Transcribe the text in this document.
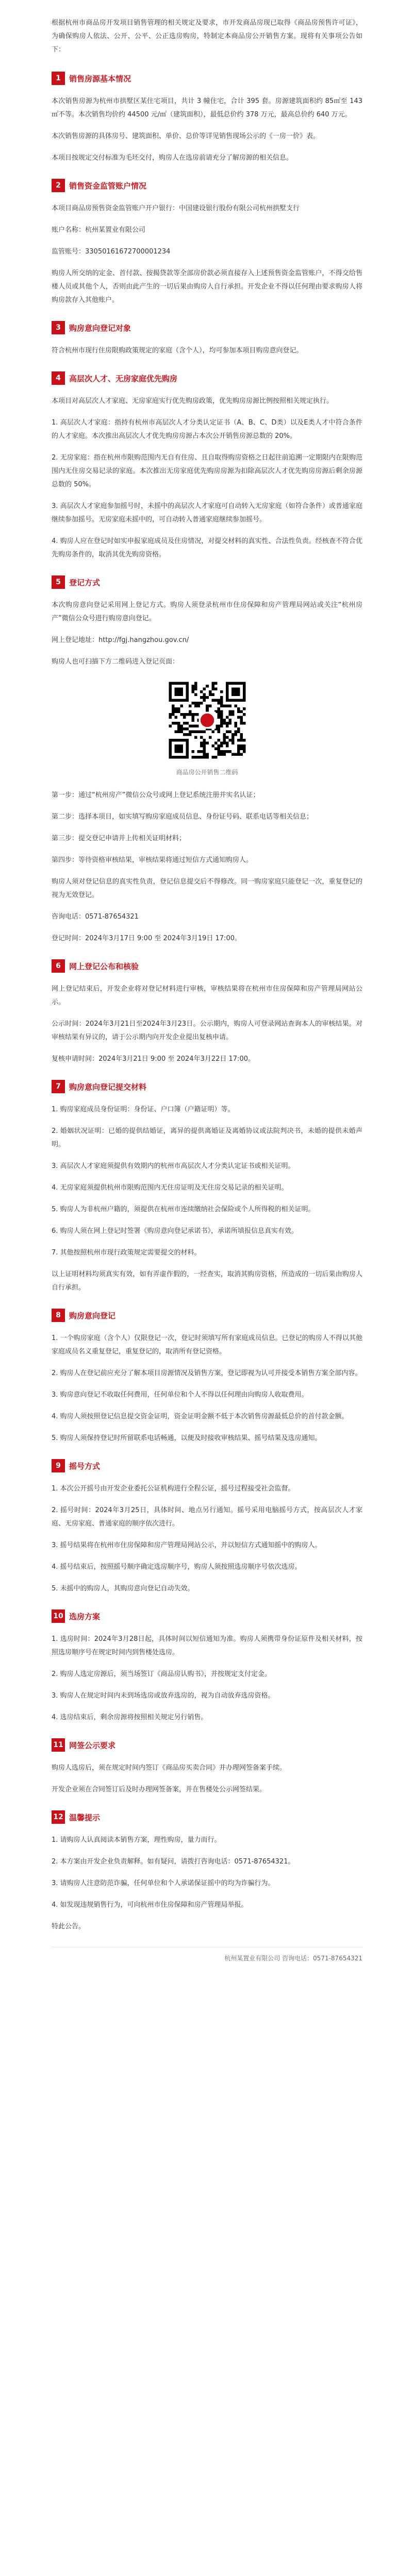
根据杭州市商品房开发项目销售管理的相关规定及要求，市开发商品房现已取得《商品房预售许可证》，为确保购房人依法、公开、公平、公正选房购房，特制定本商品房公开销售方案。现将有关事项公告如下：

1	销售房源基本情况

本次销售房源为杭州市拱墅区某住宅项目，共计 3 幢住宅，合计 395 套。房源建筑面积约 85㎡至 143㎡不等。本次销售均价约 44500 元/㎡（建筑面积），最低总价约 378 万元，最高总价约 640 万元。

本次销售房源的具体房号、建筑面积、单价、总价等详见销售现场公示的《一房一价》表。

本项目按规定交付标准为毛坯交付，购房人在选房前请充分了解房源的相关信息。

2	销售资金监管账户情况

本项目商品房预售资金监管账户开户银行：中国建设银行股份有限公司杭州拱墅支行

账户名称：杭州某置业有限公司

监管账号：33050161672700001234

购房人所交纳的定金、首付款、按揭贷款等全部房价款必须直接存入上述预售资金监管账户，不得交给售楼人员或其他个人，否则由此产生的一切后果由购房人自行承担。开发企业不得以任何理由要求购房人将购房款存入其他账户。

3	购房意向登记对象

符合杭州市现行住房限购政策规定的家庭（含个人），均可参加本项目购房意向登记。

4	高层次人才、无房家庭优先购房

本项目对高层次人才家庭、无房家庭实行优先购房政策，优先购房房源比例按照相关规定执行。

1. 高层次人才家庭：指持有杭州市高层次人才分类认定证书（A、B、C、D类）以及E类人才中符合条件的人才家庭。本次推出高层次人才优先购房房源占本次公开销售房源总数的 20%。

2. 无房家庭：指在杭州市限购范围内无自有住房、且自取得购房资格之日起往前追溯一定期限内在限购范围内无住房交易记录的家庭。本次推出无房家庭优先购房房源为扣除高层次人才优先购房房源后剩余房源总数的 50%。

3. 高层次人才家庭参加摇号时，未摇中的高层次人才家庭可自动转入无房家庭（如符合条件）或普通家庭继续参加摇号。无房家庭未摇中的，可自动转入普通家庭继续参加摇号。

4. 购房人应在登记时如实申报家庭成员及住房情况，对提交材料的真实性、合法性负责。经核查不符合优先购房条件的，取消其优先购房资格。

5	登记方式

本次购房意向登记采用网上登记方式。购房人须登录杭州市住房保障和房产管理局网站或关注“杭州房产”微信公众号进行购房意向登记。

网上登记地址：http://fgj.hangzhou.gov.cn/

购房人也可扫描下方二维码进入登记页面：

商品房公开销售二维码

第一步：通过“杭州房产”微信公众号或网上登记系统注册并实名认证；

第二步：选择本项目，如实填写购房家庭成员信息、身份证号码、联系电话等相关信息；

第三步：提交登记申请并上传相关证明材料；

第四步：等待资格审核结果，审核结果将通过短信方式通知购房人。

购房人须对登记信息的真实性负责，登记信息提交后不得修改。同一购房家庭只能登记一次，重复登记的视为无效登记。

咨询电话：0571-87654321

登记时间：2024年3月17日 9:00 至 2024年3月19日 17:00。

6	网上登记公布和核验

网上登记结束后，开发企业将对登记材料进行审核，审核结果将在杭州市住房保障和房产管理局网站公示。

公示时间：2024年3月21日至2024年3月23日。公示期内，购房人可登录网站查询本人的审核结果。对审核结果有异议的，请于公示期内向开发企业提出复核申请。

复核申请时间：2024年3月21日 9:00 至 2024年3月22日 17:00。

7	购房意向登记提交材料

1. 购房家庭成员身份证明：身份证、户口簿（户籍证明）等。

2. 婚姻状况证明：已婚的提供结婚证，离异的提供离婚证及离婚协议或法院判决书，未婚的提供未婚声明。

3. 高层次人才家庭须提供有效期内的杭州市高层次人才分类认定证书或相关证明。

4. 无房家庭须提供杭州市限购范围内无住房证明及无住房交易记录的相关证明。

5. 购房人为非杭州户籍的，须提供在杭州市连续缴纳社会保险或个人所得税的相关证明。

6. 购房人须在网上登记时签署《购房意向登记承诺书》，承诺所填报信息真实有效。

7. 其他按照杭州市现行政策规定需要提交的材料。

以上证明材料均须真实有效，如有弄虚作假的，一经查实，取消其购房资格，所造成的一切后果由购房人自行承担。

8	购房意向登记

1. 一个购房家庭（含个人）仅限登记一次，登记时须填写所有家庭成员信息。已登记的购房人不得以其他家庭成员名义重复登记，重复登记的，取消所有登记资格。

2. 购房人在登记前应充分了解本项目房源情况及销售方案，登记即视为认可并接受本销售方案全部内容。

3. 购房意向登记不收取任何费用，任何单位和个人不得以任何理由向购房人收取费用。

4. 购房人须按照登记信息提交资金证明，资金证明金额不低于本次销售房源最低总价的首付款金额。

5. 购房人须保持登记时所留联系电话畅通，以便及时接收审核结果、摇号结果及选房通知。

9	摇号方式

1. 本次公开摇号由开发企业委托公证机构进行全程公证，摇号过程接受社会监督。

2. 摇号时间：2024年3月25日，具体时间、地点另行通知。摇号采用电脑摇号方式，按高层次人才家庭、无房家庭、普通家庭的顺序依次进行。

3. 摇号结果将在杭州市住房保障和房产管理局网站公示，并以短信方式通知摇中的购房人。

4. 摇号结束后，按照摇号顺序确定选房顺序号，购房人须按照选房顺序号依次选房。

5. 未摇中的购房人，其购房意向登记自动失效。

10 选房方案

1. 选房时间：2024年3月28日起，具体时间以短信通知为准。购房人须携带身份证原件及相关材料，按照选房顺序号在规定时间内到售楼处选房。

2. 购房人选定房源后，须当场签订《商品房认购书》，并按规定支付定金。

3. 购房人在规定时间内未到场选房或放弃选房的，视为自动放弃选房资格。

4. 选房结束后，剩余房源将按照相关规定另行销售。

11 网签公示要求

购房人选房后，须在规定时间内签订《商品房买卖合同》并办理网签备案手续。

开发企业须在合同签订后及时办理网签备案，并在售楼处公示网签结果。

12 温馨提示

1. 请购房人认真阅读本销售方案，理性购房，量力而行。

2. 本方案由开发企业负责解释。如有疑问，请拨打咨询电话：0571-87654321。

3. 请购房人注意防范诈骗，任何单位和个人承诺保证摇中的均为诈骗行为。

4. 如发现违规销售行为，可向杭州市住房保障和房产管理局举报。

特此公告。

杭州某置业有限公司 咨询电话：0571-87654321
